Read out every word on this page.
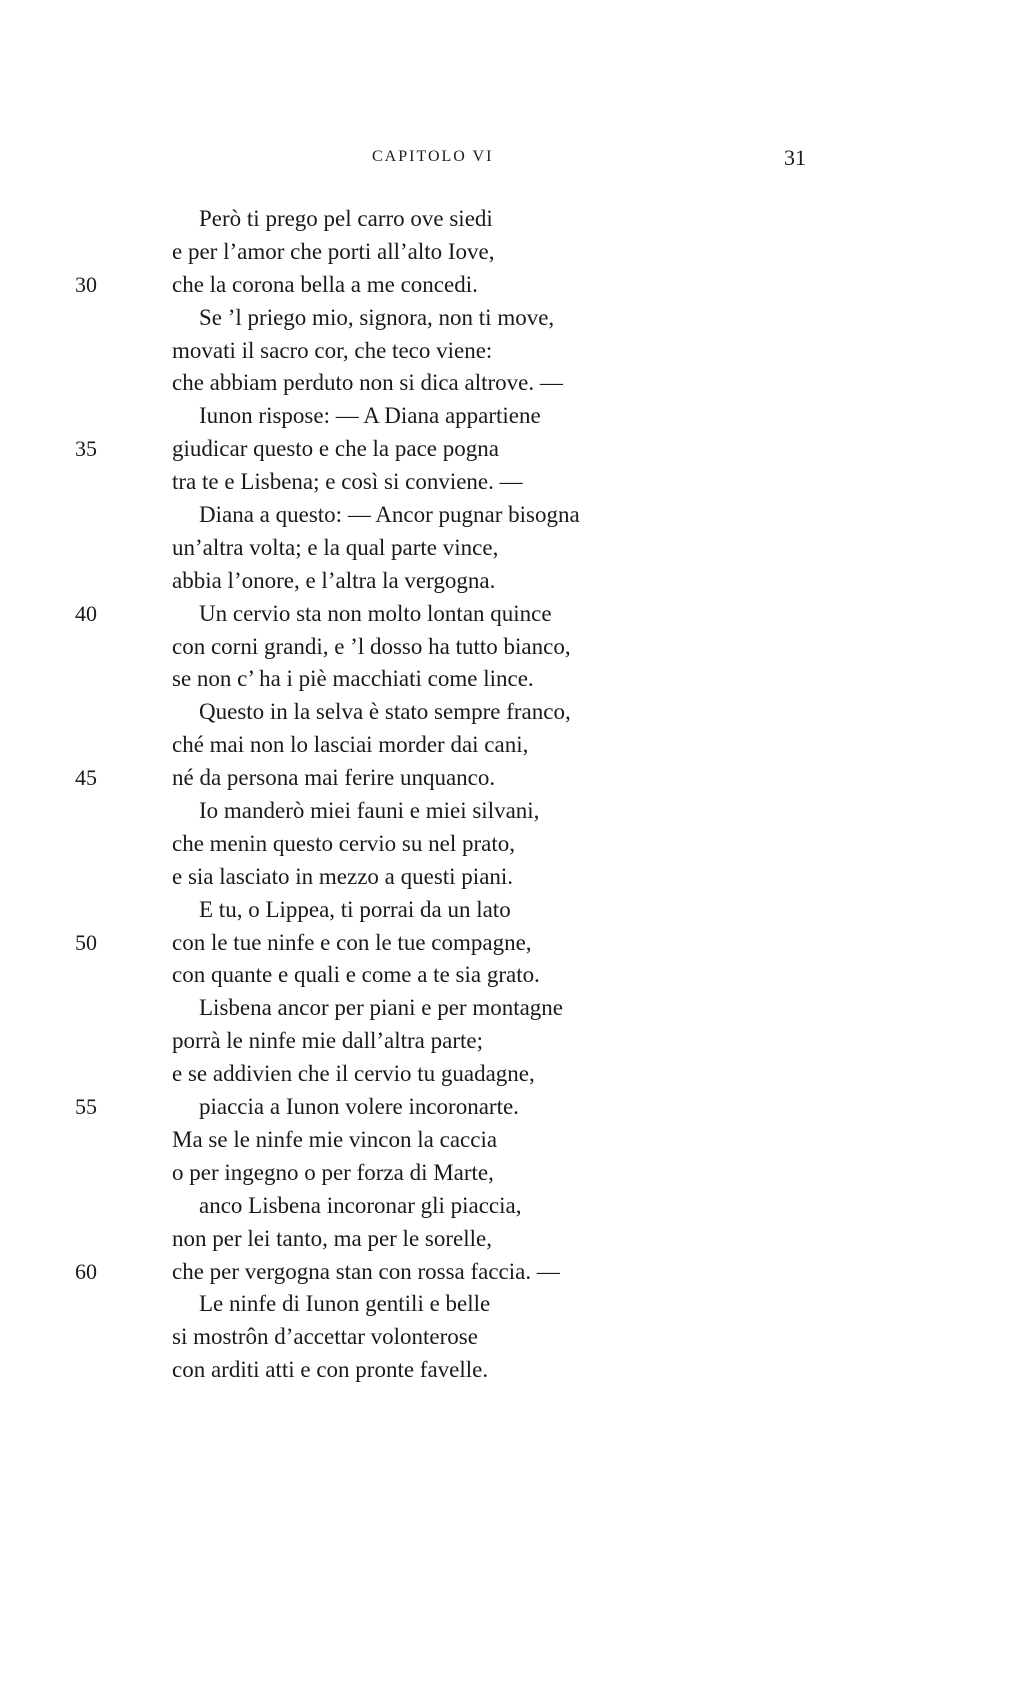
CAPITOLO VI	31
Però ti prego pel carro ove siedi
e per l’amor che porti all’alto Iove,
30	che la corona bella a me concedi.
Se ’l priego mio, signora, non ti move,
movati il sacro cor, che teco viene:
che abbiam perduto non si dica altrove. —
Iunon rispose: — A Diana appartiene
35	giudicar questo e che la pace pogna
tra te e Lisbena; e così si conviene. —
Diana a questo: — Ancor pugnar bisogna
un’altra volta; e la qual parte vince,
abbia l’onore, e l’altra la vergogna.
40	Un cervio sta non molto lontan quince
con corni grandi, e ’l dosso ha tutto bianco,
se non c’ ha i piè macchiati come lince.
Questo in la selva è stato sempre franco,
ché mai non lo lasciai morder dai cani,
45	né da persona mai ferire unquanco.
Io manderò miei fauni e miei silvani,
che menin questo cervio su nel prato,
e sia lasciato in mezzo a questi piani.
E tu, o Lippea, ti porrai da un lato
50	con le tue ninfe e con le tue compagne,
con quante e quali e come a te sia grato.
Lisbena ancor per piani e per montagne
porrà le ninfe mie dall’altra parte;
e se addivien che il cervio tu guadagne,
55	piaccia a Iunon volere incoronarte.
Ma se le ninfe mie vincon la caccia
o per ingegno o per forza di Marte,
anco Lisbena incoronar gli piaccia,
non per lei tanto, ma per le sorelle,
60	che per vergogna stan con rossa faccia. —
Le ninfe di Iunon gentili e belle
si mostrôn d’accettar volonterose
con arditi atti e con pronte favelle.
